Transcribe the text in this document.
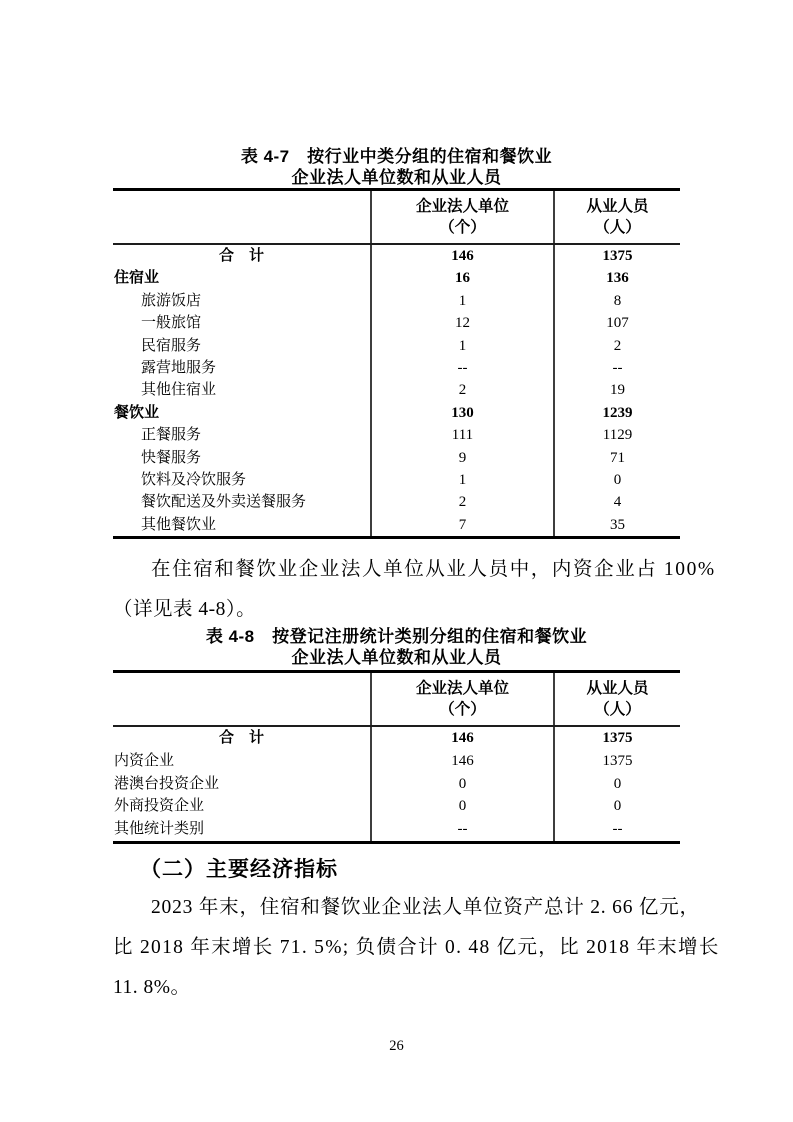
表 4-7　按行业中类分组的住宿和餐饮业
企业法人单位数和从业人员
企业法人单位
（个）
从业人员
（人）
合　计	146	1375
住宿业	16	136
旅游饭店	1	8
一般旅馆	12	107
民宿服务	1	2
露营地服务	--	--
其他住宿业	2	19
餐饮业	130	1239
正餐服务	111	1129
快餐服务	9	71
饮料及冷饮服务	1	0
餐饮配送及外卖送餐服务	2	4
其他餐饮业	7	35
在住宿和餐饮业企业法人单位从业人员中，内资企业占 100%
（详见表 4-8）。
表 4-8　按登记注册统计类别分组的住宿和餐饮业
企业法人单位数和从业人员
企业法人单位
（个）
从业人员
（人）
合　计	146	1375
内资企业	146	1375
港澳台投资企业	0	0
外商投资企业	0	0
其他统计类别	--	--
（二）主要经济指标
2023 年末，住宿和餐饮业企业法人单位资产总计 2. 66 亿元，
比 2018 年末增长 71. 5%; 负债合计 0. 48 亿元，比 2018 年末增长
11. 8%。
26
